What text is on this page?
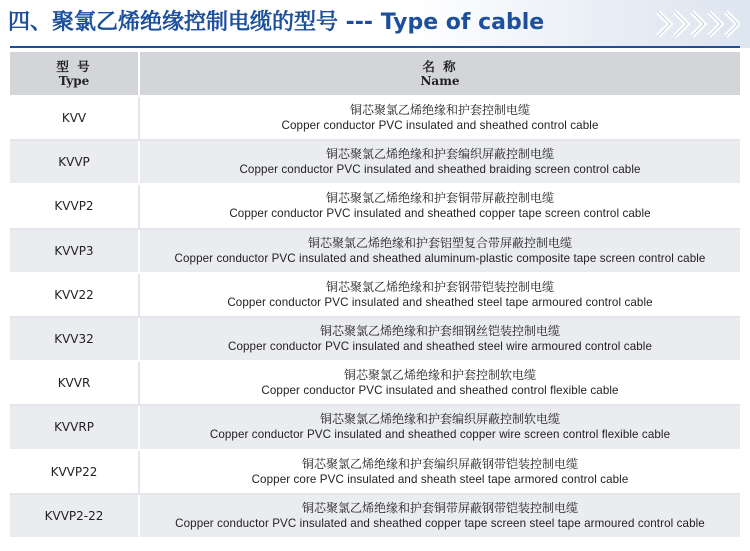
四、聚氯乙烯绝缘控制电缆的型号 --- Type of cable
型 号
Type	名 称
Name

KVV	铜芯聚氯乙烯绝缘和护套控制电缆
Copper conductor PVC insulated and sheathed control cable

KVVP	铜芯聚氯乙烯绝缘和护套编织屏蔽控制电缆
Copper conductor PVC insulated and sheathed braiding screen control cable

KVVP2	铜芯聚氯乙烯绝缘和护套铜带屏蔽控制电缆
Copper conductor PVC insulated and sheathed copper tape screen control cable

KVVP3	铜芯聚氯乙烯绝缘和护套铝塑复合带屏蔽控制电缆
Copper conductor PVC insulated and sheathed aluminum-plastic composite tape screen control cable

KVV22	铜芯聚氯乙烯绝缘和护套钢带铠装控制电缆
Copper conductor PVC insulated and sheathed steel tape armoured control cable

KVV32	铜芯聚氯乙烯绝缘和护套细钢丝铠装控制电缆
Copper conductor PVC insulated and sheathed steel wire armoured control cable

KVVR	铜芯聚氯乙烯绝缘和护套控制软电缆
Copper conductor PVC insulated and sheathed control flexible cable

KVVRP	铜芯聚氯乙烯绝缘和护套编织屏蔽控制软电缆
Copper conductor PVC insulated and sheathed copper wire screen control flexible cable

KVVP22	铜芯聚氯乙烯绝缘和护套编织屏蔽钢带铠装控制电缆
Copper core PVC insulated and sheath steel tape armored control cable

KVVP2-22	铜芯聚氯乙烯绝缘和护套铜带屏蔽钢带铠装控制电缆
Copper conductor PVC insulated and sheathed copper tape screen steel tape armoured control cable
